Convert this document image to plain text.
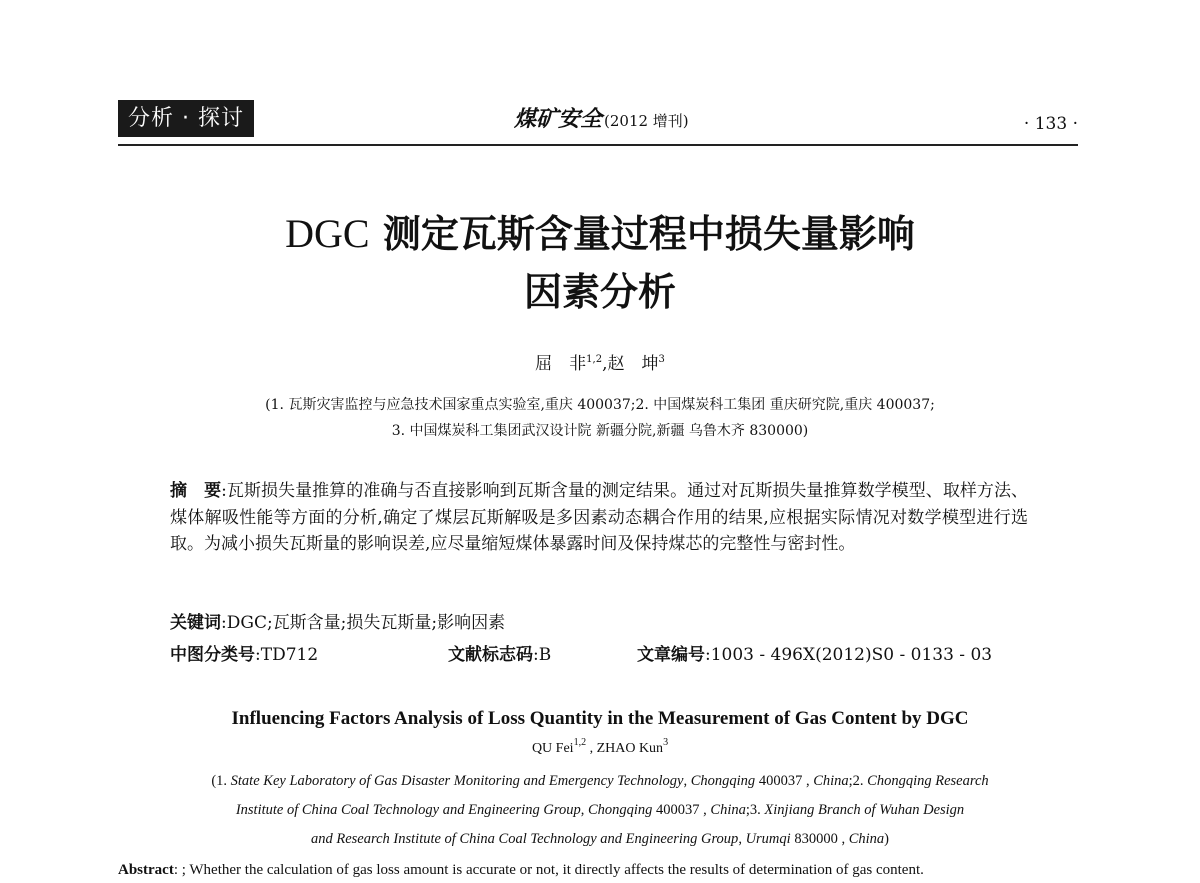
分析 · 探讨	煤矿安全 (2012 增刊)	· 133 ·
DGC 测定瓦斯含量过程中损失量影响
因素分析
屈　非$^{1,2}$,赵　坤$^3$
(1. 瓦斯灾害监控与应急技术国家重点实验室,重庆 400037;2. 中国煤炭科工集团 重庆研究院,重庆 400037;
3. 中国煤炭科工集团武汉设计院 新疆分院,新疆 乌鲁木齐 830000)
摘　要:瓦斯损失量推算的准确与否直接影响到瓦斯含量的测定结果。通过对瓦斯损失量推算数学模型、取样方法、煤体解吸性能等方面的分析,确定了煤层瓦斯解吸是多因素动态耦合作用的结果,应根据实际情况对数学模型进行选取。为减小损失瓦斯量的影响误差,应尽量缩短煤体暴露时间及保持煤芯的完整性与密封性。
关键词:DGC;瓦斯含量;损失瓦斯量;影响因素
中图分类号:TD712	文献标志码:B	文章编号:1003 - 496X(2012)S0 - 0133 - 03
Influencing Factors Analysis of Loss Quantity in the Measurement of Gas Content by DGC
QU Fei$^{1,2}$ , ZHAO Kun$^3$
(1. State Key Laboratory of Gas Disaster Monitoring and Emergency Technology, Chongqing 400037 , China;2. Chongqing Research
Institute of China Coal Technology and Engineering Group, Chongqing 400037 , China;3. Xinjiang Branch of Wuhan Design
and Research Institute of China Coal Technology and Engineering Group, Urumqi 830000 , China)
Abstract: ; Whether the calculation of gas loss amount is accurate or not, it directly affects the results of determination of gas content.
